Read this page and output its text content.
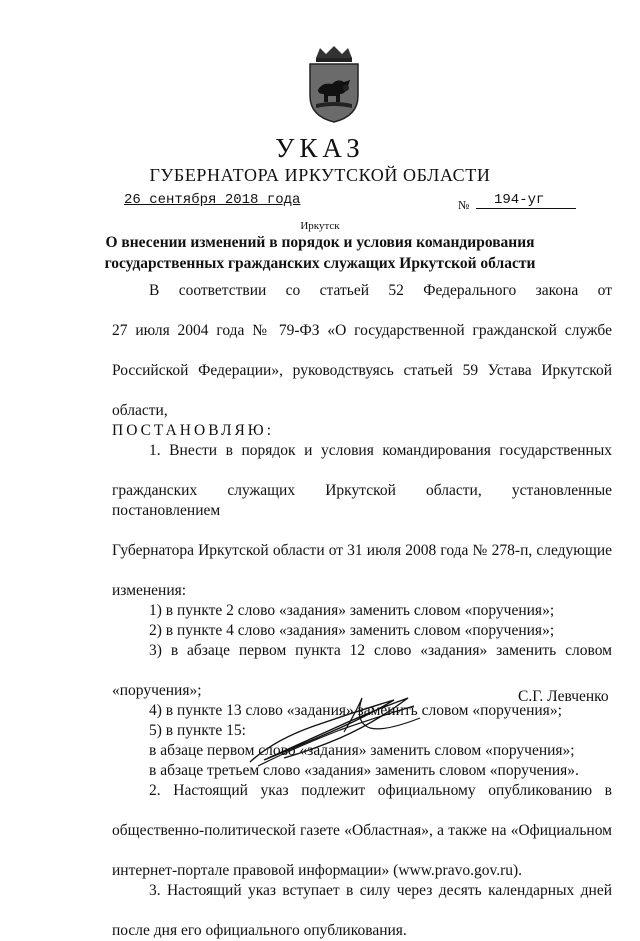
УКАЗ
ГУБЕРНАТОРА ИРКУТСКОЙ ОБЛАСТИ
26 сентября 2018 года	№	194-уг
Иркутск
О внесении изменений в порядок и условия командирования
государственных гражданских служащих Иркутской области

В соответствии со статьей 52 Федерального закона от

27 июля 2004 года № 79-ФЗ «О государственной гражданской службе

Российской Федерации», руководствуясь статьей 59 Устава Иркутской

области,

ПОСТАНОВЛЯЮ:

1. Внести в порядок и условия командирования государственных

гражданских служащих Иркутской области, установленные постановлением

Губернатора Иркутской области от 31 июля 2008 года № 278-п, следующие

изменения:

1) в пункте 2 слово «задания» заменить словом «поручения»;

2) в пункте 4 слово «задания» заменить словом «поручения»;

3) в абзаце первом пункта 12 слово «задания» заменить словом

«поручения»;

4) в пункте 13 слово «задания» заменить словом «поручения»;

5) в пункте 15:

в абзаце первом слово «задания» заменить словом «поручения»;

в абзаце третьем слово «задания» заменить словом «поручения».

2. Настоящий указ подлежит официальному опубликованию в

общественно-политической газете «Областная», а также на «Официальном

интернет-портале правовой информации» (www.pravo.gov.ru).

3. Настоящий указ вступает в силу через десять календарных дней

после дня его официального опубликования.

С.Г. Левченко
